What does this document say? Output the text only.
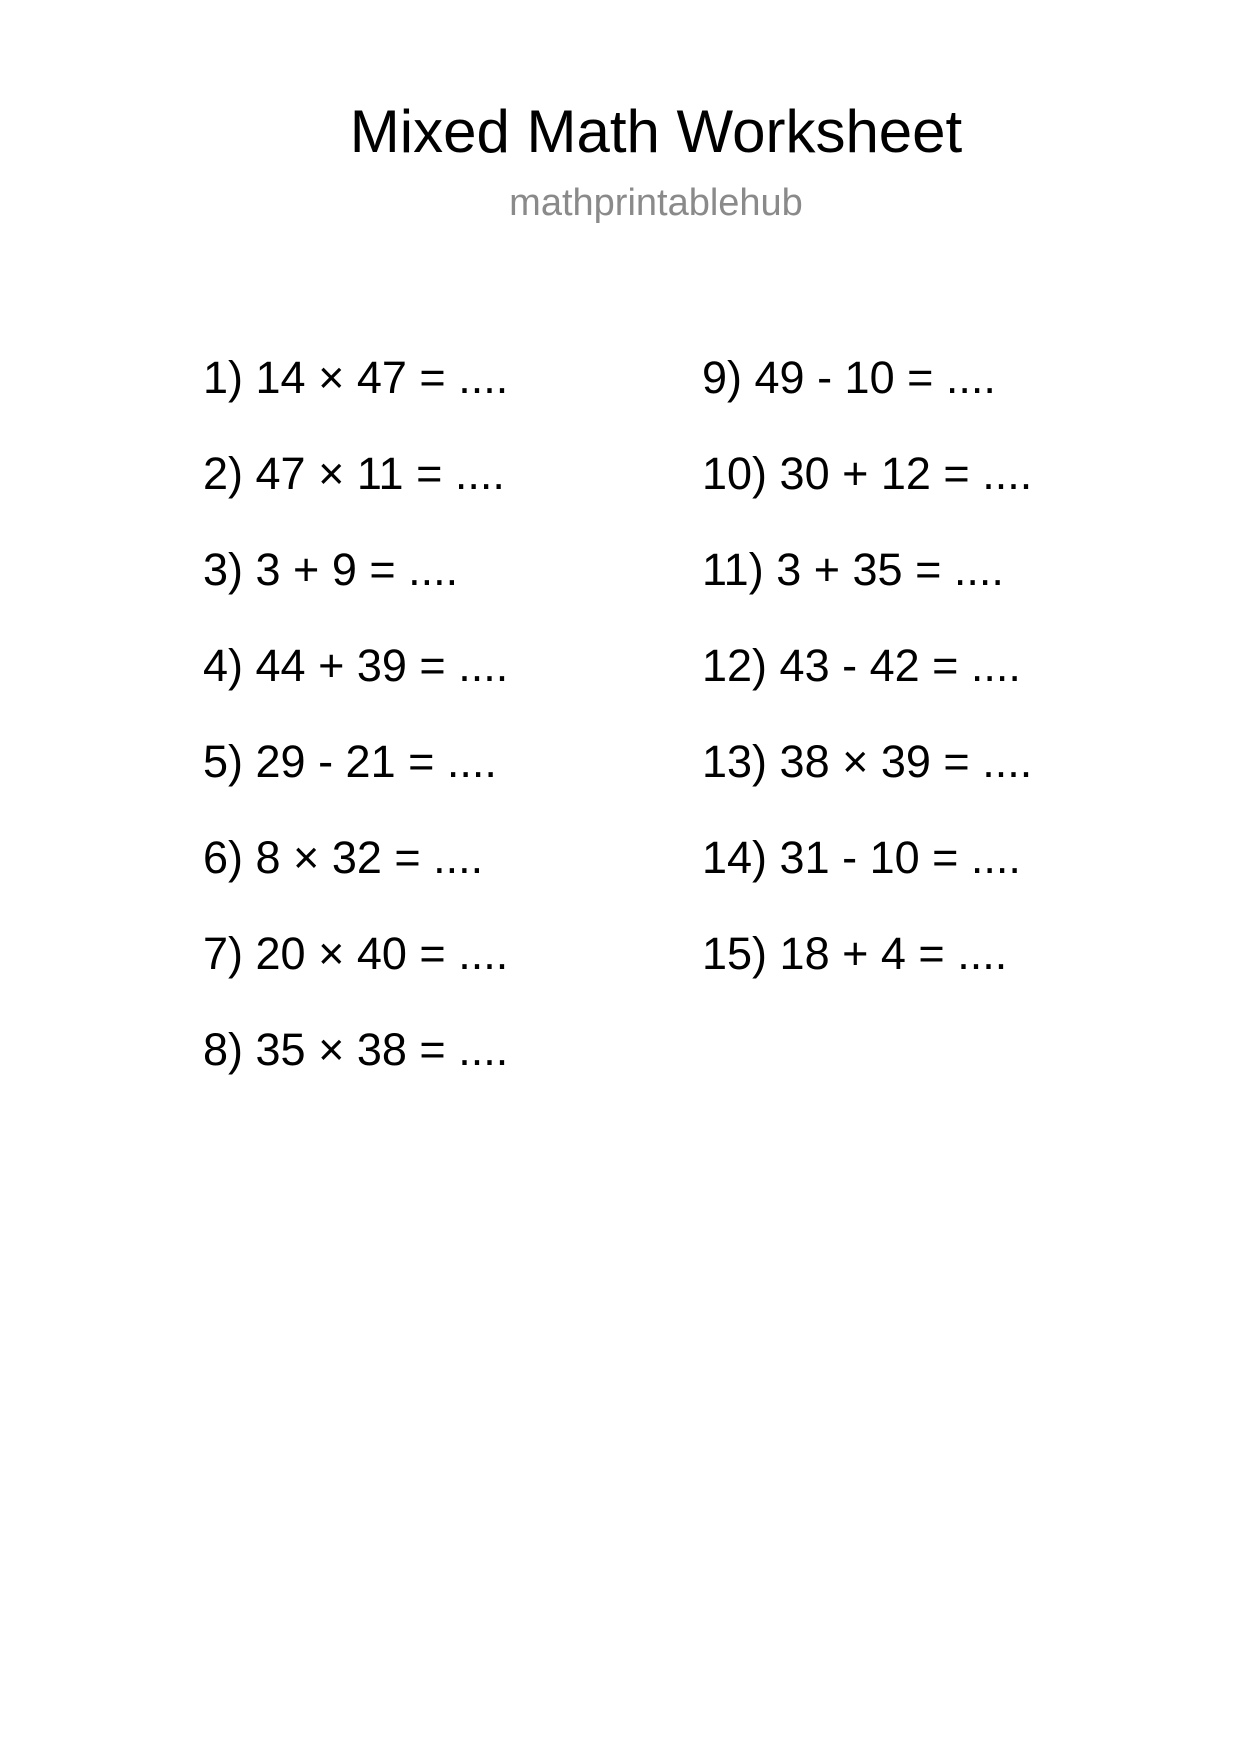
Mixed Math Worksheet
mathprintablehub
1) 14 × 47 = ....
2) 47 × 11 = ....
3) 3 + 9 = ....
4) 44 + 39 = ....
5) 29 - 21 = ....
6) 8 × 32 = ....
7) 20 × 40 = ....
8) 35 × 38 = ....
9) 49 - 10 = ....
10) 30 + 12 = ....
11) 3 + 35 = ....
12) 43 - 42 = ....
13) 38 × 39 = ....
14) 31 - 10 = ....
15) 18 + 4 = ....
